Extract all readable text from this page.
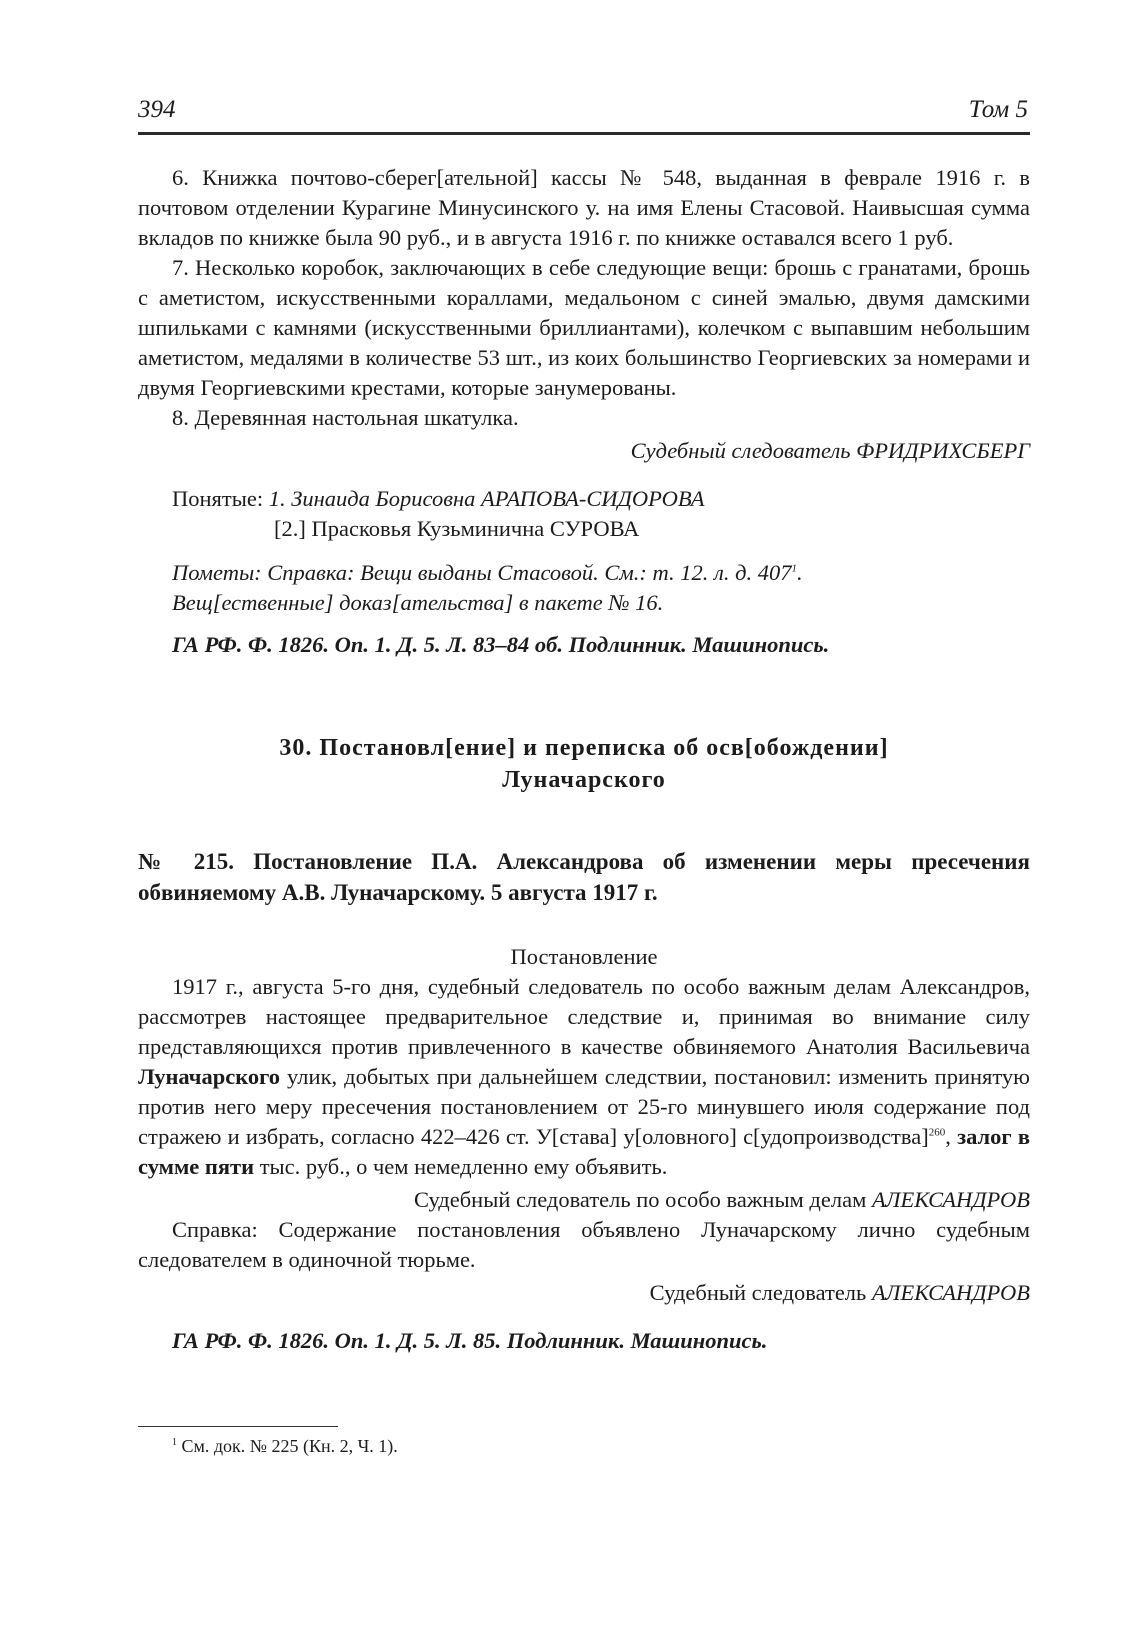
394	Том 5

6. Книжка почтово-сберег[ательной] кассы № 548, выданная в феврале 1916 г. в почтовом отделении Курагине Минусинского у. на имя Елены Стасовой. Наивысшая сумма вкладов по книжке была 90 руб., и в августа 1916 г. по книжке оставался всего 1 руб.

7. Несколько коробок, заключающих в себе следующие вещи: брошь с гранатами, брошь с аметистом, искусственными кораллами, медальоном с синей эмалью, двумя дамскими шпильками с камнями (искусственными бриллиантами), колечком с выпавшим небольшим аметистом, медалями в количестве 53 шт., из коих большинство Георгиевских за номерами и двумя Георгиевскими крестами, которые занумерованы.

8. Деревянная настольная шкатулка.

Судебный следователь ФРИДРИХСБЕРГ

Понятые: 1. Зинаида Борисовна АРАПОВА-СИДОРОВА

[2.] Прасковья Кузьминична СУРОВА

Пометы: Справка: Вещи выданы Стасовой. См.: т. 12. л. д. $407^1$.

Вещ[ественные] доказ[ательства] в пакете № 16.

ГА РФ. Ф. 1826. Оп. 1. Д. 5. Л. 83–84 об. Подлинник. Машинопись.

30. Постановл[ение] и переписка об осв[обождении]
Луначарского

№ 215. Постановление П.А. Александрова об изменении меры пресечения обвиняемому А.В. Луначарскому. 5 августа 1917 г.

Постановление

1917 г., августа 5-го дня, судебный следователь по особо важным делам Александров, рассмотрев настоящее предварительное следствие и, принимая во внимание силу представляющихся против привлеченного в качестве обвиняемого Анатолия Васильевича Луначарского улик, добытых при дальнейшем следствии, постановил: изменить принятую против него меру пресечения постановлением от 25-го минувшего июля содержание под стражею и избрать, согласно 422–426 ст. У[става] у[оловного] с[удопроизводства]$^{260}$, залог в сумме пяти тыс. руб., о чем немедленно ему объявить.

Судебный следователь по особо важным делам АЛЕКСАНДРОВ

Справка: Содержание постановления объявлено Луначарскому лично судебным следователем в одиночной тюрьме.

Судебный следователь АЛЕКСАНДРОВ

ГА РФ. Ф. 1826. Оп. 1. Д. 5. Л. 85. Подлинник. Машинопись.

$^1$ См. док. № 225 (Кн. 2, Ч. 1).
